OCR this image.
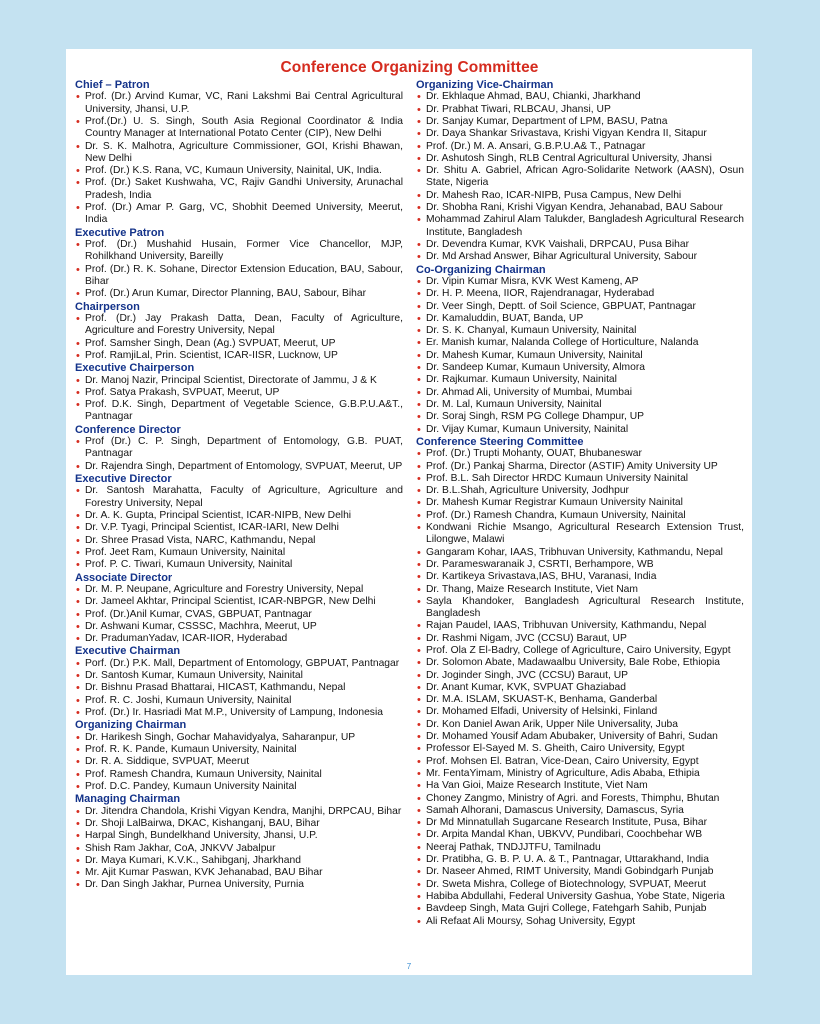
Conference Organizing Committee
Chief – Patron
• Prof. (Dr.) Arvind Kumar, VC, Rani Lakshmi Bai Central Agricultural University, Jhansi, U.P.
• Prof.(Dr.) U. S. Singh, South Asia Regional Coordinator & India Country Manager at International Potato Center (CIP), New Delhi
• Dr. S. K. Malhotra, Agriculture Commissioner, GOI, Krishi Bhawan, New Delhi
• Prof. (Dr.) K.S. Rana, VC, Kumaun University, Nainital, UK, India.
• Prof. (Dr.) Saket Kushwaha, VC, Rajiv Gandhi University, Arunachal Pradesh, India
• Prof. (Dr.) Amar P. Garg, VC, Shobhit Deemed University, Meerut, India
Executive Patron
• Prof. (Dr.) Mushahid Husain, Former Vice Chancellor, MJP, Rohilkhand University, Bareilly
• Prof. (Dr.) R. K. Sohane, Director Extension Education, BAU, Sabour, Bihar
• Prof. (Dr.) Arun Kumar, Director Planning, BAU, Sabour, Bihar
Chairperson
• Prof. (Dr.) Jay Prakash Datta, Dean, Faculty of Agriculture, Agriculture and Forestry University, Nepal
• Prof. Samsher Singh, Dean (Ag.) SVPUAT, Meerut, UP
• Prof. RamjiLal, Prin. Scientist, ICAR-IISR, Lucknow, UP
Executive Chairperson
• Dr. Manoj Nazir, Principal Scientist, Directorate of Jammu, J & K
• Prof. Satya Prakash, SVPUAT, Meerut, UP
• Prof. D.K. Singh, Department of Vegetable Science, G.B.P.U.A&T., Pantnagar
Conference Director
• Prof (Dr.) C. P. Singh, Department of Entomology, G.B. PUAT, Pantnagar
• Dr. Rajendra Singh, Department of Entomology, SVPUAT, Meerut, UP
Executive Director
• Dr. Santosh Marahatta, Faculty of Agriculture, Agriculture and Forestry University, Nepal
• Dr. A. K. Gupta, Principal Scientist, ICAR-NIPB, New Delhi
• Dr. V.P. Tyagi, Principal Scientist, ICAR-IARI, New Delhi
• Dr. Shree Prasad Vista, NARC, Kathmandu, Nepal
• Prof. Jeet Ram, Kumaun University, Nainital
• Prof. P. C. Tiwari, Kumaun University, Nainital
Associate Director
• Dr. M. P. Neupane, Agriculture and Forestry University, Nepal
• Dr. Jameel Akhtar, Principal Scientist, ICAR-NBPGR, New Delhi
• Prof. (Dr.)Anil Kumar, CVAS, GBPUAT, Pantnagar
• Dr. Ashwani Kumar, CSSSC, Machhra, Meerut, UP
• Dr. PradumanYadav, ICAR-IIOR, Hyderabad
Executive Chairman
• Porf. (Dr.) P.K. Mall, Department of Entomology, GBPUAT, Pantnagar
• Dr. Santosh Kumar, Kumaun University, Nainital
• Dr. Bishnu Prasad Bhattarai, HICAST, Kathmandu, Nepal
• Prof. R. C. Joshi, Kumaun University, Nainital
• Prof. (Dr.) Ir. Hasriadi Mat M.P., University of Lampung, Indonesia
Organizing Chairman
• Dr. Harikesh Singh, Gochar Mahavidyalya, Saharanpur, UP
• Prof. R. K. Pande, Kumaun University, Nainital
• Dr. R. A. Siddique, SVPUAT, Meerut
• Prof. Ramesh Chandra, Kumaun University, Nainital
• Prof. D.C. Pandey, Kumaun University Nainital
Managing Chairman
• Dr. Jitendra Chandola, Krishi Vigyan Kendra, Manjhi, DRPCAU, Bihar
• Dr. Shoji LalBairwa, DKAC, Kishanganj, BAU, Bihar
• Harpal Singh, Bundelkhand University, Jhansi, U.P.
• Shish Ram Jakhar, CoA, JNKVV Jabalpur
• Dr. Maya Kumari, K.V.K., Sahibganj, Jharkhand
• Mr. Ajit Kumar Paswan, KVK Jehanabad, BAU Bihar
• Dr. Dan Singh Jakhar, Purnea University, Purnia
Organizing Vice-Chairman
• Dr. Ekhlaque Ahmad, BAU, Chianki, Jharkhand
• Dr. Prabhat Tiwari, RLBCAU, Jhansi, UP
• Dr. Sanjay Kumar, Department of LPM, BASU, Patna
• Dr. Daya Shankar Srivastava, Krishi Vigyan Kendra II, Sitapur
• Prof. (Dr.) M. A. Ansari, G.B.P.U.A& T., Patnagar
• Dr. Ashutosh Singh, RLB Central Agricultural University, Jhansi
• Dr. Shitu A. Gabriel, African Agro-Solidarite Network (AASN), Osun State, Nigeria
• Dr. Mahesh Rao, ICAR-NIPB, Pusa Campus, New Delhi
• Dr. Shobha Rani, Krishi Vigyan Kendra, Jehanabad, BAU Sabour
• Mohammad Zahirul Alam Talukder, Bangladesh Agricultural Research Institute, Bangladesh
• Dr. Devendra Kumar, KVK Vaishali, DRPCAU, Pusa Bihar
• Dr. Md Arshad Answer, Bihar Agricultural University, Sabour
Co-Organizing Chairman
• Dr. Vipin Kumar Misra, KVK West Kameng, AP
• Dr. H. P. Meena, IIOR, Rajendranagar, Hyderabad
• Dr. Veer Singh, Deptt. of Soil Science, GBPUAT, Pantnagar
• Dr. Kamaluddin, BUAT, Banda, UP
• Dr. S. K. Chanyal, Kumaun University, Nainital
• Er. Manish kumar, Nalanda College of Horticulture, Nalanda
• Dr. Mahesh Kumar, Kumaun University, Nainital
• Dr. Sandeep Kumar, Kumaun University, Almora
• Dr. Rajkumar. Kumaun University, Nainital
• Dr. Ahmad Ali, University of Mumbai, Mumbai
• Dr. M. Lal, Kumaun University, Nainital
• Dr. Soraj Singh, RSM PG College Dhampur, UP
• Dr. Vijay Kumar, Kumaun University, Nainital
Conference Steering Committee
• Prof. (Dr.) Trupti Mohanty, OUAT, Bhubaneswar
• Prof. (Dr.) Pankaj Sharma, Director (ASTIF) Amity University UP
• Prof. B.L. Sah Director HRDC Kumaun University Nainital
• Dr. B.L.Shah, Agriculture University, Jodhpur
• Dr. Mahesh Kumar Registrar Kumaun University Nainital
• Prof. (Dr.) Ramesh Chandra, Kumaun University, Nainital
• Kondwani Richie Msango, Agricultural Research Extension Trust, Lilongwe, Malawi
• Gangaram Kohar, IAAS, Tribhuvan University, Kathmandu, Nepal
• Dr. Parameswaranaik J, CSRTI, Berhampore, WB
• Dr. Kartikeya Srivastava,IAS, BHU, Varanasi, India
• Dr. Thang, Maize Research Institute, Viet Nam
• Sayla Khandoker, Bangladesh Agricultural Research Institute, Bangladesh
• Rajan Paudel, IAAS, Tribhuvan University, Kathmandu, Nepal
• Dr. Rashmi Nigam, JVC (CCSU) Baraut, UP
• Prof. Ola Z El-Badry, College of Agriculture, Cairo University, Egypt
• Dr. Solomon Abate, Madawaalbu University, Bale Robe, Ethiopia
• Dr. Joginder Singh, JVC (CCSU) Baraut, UP
• Dr. Anant Kumar, KVK, SVPUAT Ghaziabad
• Dr. M.A. ISLAM, SKUAST-K, Benhama, Ganderbal
• Dr. Mohamed Elfadi, University of Helsinki, Finland
• Dr. Kon Daniel Awan Arik, Upper Nile Universality, Juba
• Dr. Mohamed Yousif Adam Abubaker, University of Bahri, Sudan
• Professor El-Sayed M. S. Gheith, Cairo University, Egypt
• Prof. Mohsen El. Batran, Vice-Dean, Cairo University, Egypt
• Mr. FentaYimam, Ministry of Agriculture, Adis Ababa, Ethipia
• Ha Van Gioi, Maize Research Institute, Viet Nam
• Choney Zangmo, Ministry of Agri. and Forests, Thimphu, Bhutan
• Samah Alhorani, Damascus University, Damascus, Syria
• Dr Md Minnatullah Sugarcane Research Institute, Pusa, Bihar
• Dr. Arpita Mandal Khan, UBKVV, Pundibari, Coochbehar WB
• Neeraj Pathak, TNDJJTFU, Tamilnadu
• Dr. Pratibha, G. B. P. U. A. & T., Pantnagar, Uttarakhand, India
• Dr. Naseer Ahmed, RIMT University, Mandi Gobindgarh Punjab
• Dr. Sweta Mishra, College of Biotechnology, SVPUAT, Meerut
• Habiba Abdullahi, Federal University Gashua, Yobe State, Nigeria
• Bavdeep Singh, Mata Gujri College, Fatehgarh Sahib, Punjab
• Ali Refaat Ali Moursy, Sohag University, Egypt
7
